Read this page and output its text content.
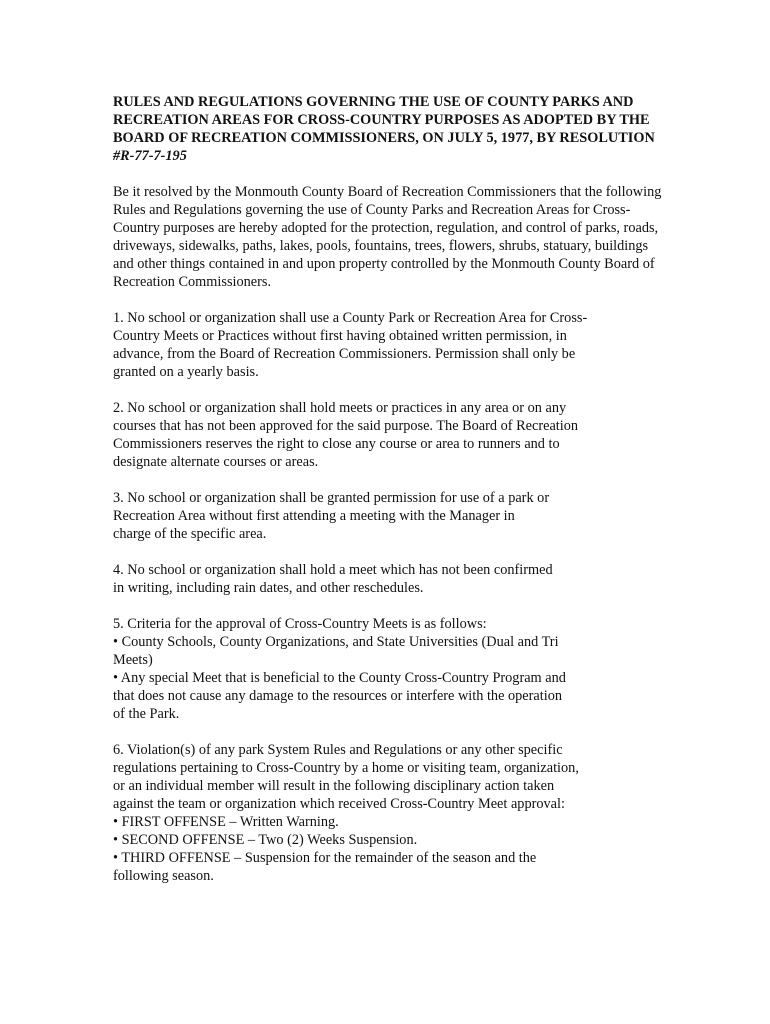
RULES AND REGULATIONS GOVERNING THE USE OF COUNTY PARKS AND
RECREATION AREAS FOR CROSS-COUNTRY PURPOSES AS ADOPTED BY THE
BOARD OF RECREATION COMMISSIONERS, ON JULY 5, 1977, BY RESOLUTION
#R-77-7-195

Be it resolved by the Monmouth County Board of Recreation Commissioners that the following
Rules and Regulations governing the use of County Parks and Recreation Areas for Cross-
Country purposes are hereby adopted for the protection, regulation, and control of parks, roads,
driveways, sidewalks, paths, lakes, pools, fountains, trees, flowers, shrubs, statuary, buildings
and other things contained in and upon property controlled by the Monmouth County Board of
Recreation Commissioners.

1. No school or organization shall use a County Park or Recreation Area for Cross-
Country Meets or Practices without first having obtained written permission, in
advance, from the Board of Recreation Commissioners. Permission shall only be
granted on a yearly basis.

2. No school or organization shall hold meets or practices in any area or on any
courses that has not been approved for the said purpose. The Board of Recreation
Commissioners reserves the right to close any course or area to runners and to
designate alternate courses or areas.

3. No school or organization shall be granted permission for use of a park or
Recreation Area without first attending a meeting with the Manager in
charge of the specific area.

4. No school or organization shall hold a meet which has not been confirmed
in writing, including rain dates, and other reschedules.

5. Criteria for the approval of Cross-Country Meets is as follows:
• County Schools, County Organizations, and State Universities (Dual and Tri
Meets)
• Any special Meet that is beneficial to the County Cross-Country Program and
that does not cause any damage to the resources or interfere with the operation
of the Park.

6. Violation(s) of any park System Rules and Regulations or any other specific
regulations pertaining to Cross-Country by a home or visiting team, organization,
or an individual member will result in the following disciplinary action taken
against the team or organization which received Cross-Country Meet approval:
• FIRST OFFENSE – Written Warning.
• SECOND OFFENSE – Two (2) Weeks Suspension.
• THIRD OFFENSE – Suspension for the remainder of the season and the
following season.
